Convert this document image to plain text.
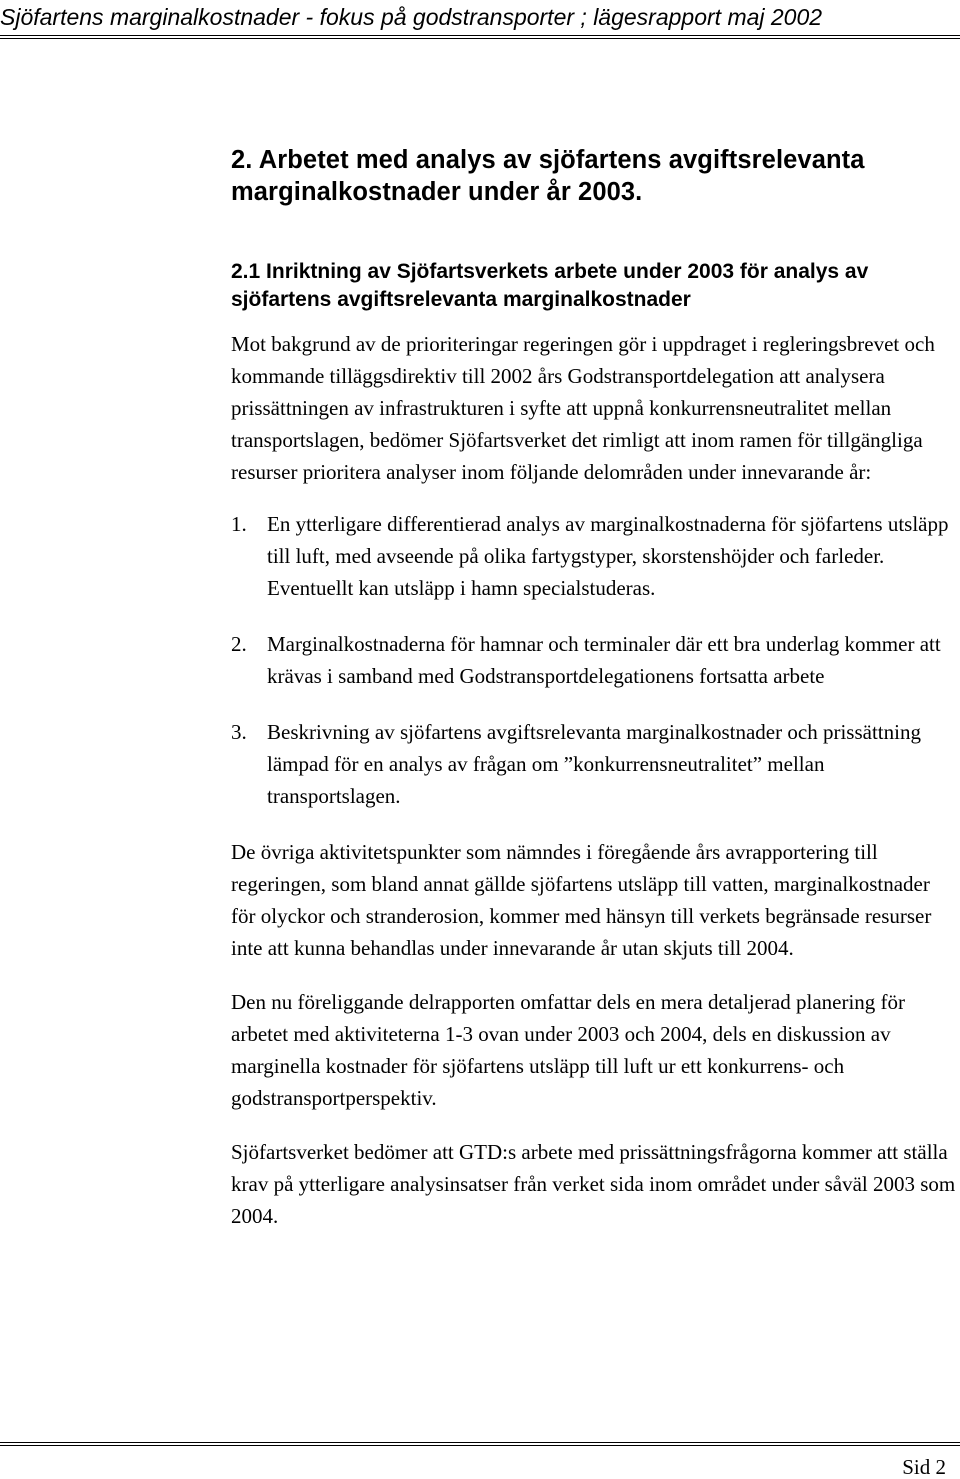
Sjöfartens marginalkostnader - fokus på godstransporter ; lägesrapport maj 2002
2. Arbetet med analys av sjöfartens avgiftsrelevanta marginalkostnader under år 2003.
2.1 Inriktning av Sjöfartsverkets arbete under 2003 för analys av sjöfartens avgiftsrelevanta marginalkostnader

Mot bakgrund av de prioriteringar regeringen gör i uppdraget i regleringsbrevet och kommande tilläggsdirektiv till 2002 års Godstransportdelegation att analysera prissättningen av infrastrukturen i syfte att uppnå konkurrensneutralitet mellan transportslagen, bedömer Sjöfartsverket det rimligt att inom ramen för tillgängliga resurser prioritera analyser inom följande delområden under innevarande år:

1. En ytterligare differentierad analys av marginalkostnaderna för sjöfartens utsläpp till luft, med avseende på olika fartygstyper, skorstenshöjder och farleder. Eventuellt kan utsläpp i hamn specialstuderas.
2. Marginalkostnaderna för hamnar och terminaler där ett bra underlag kommer att krävas i samband med Godstransportdelegationens fortsatta arbete
3. Beskrivning av sjöfartens avgiftsrelevanta marginalkostnader och prissättning lämpad för en analys av frågan om ”konkurrensneutralitet” mellan transportslagen.

De övriga aktivitetspunkter som nämndes i föregående års avrapportering till regeringen, som bland annat gällde sjöfartens utsläpp till vatten, marginalkostnader för olyckor och stranderosion, kommer med hänsyn till verkets begränsade resurser inte att kunna behandlas under innevarande år utan skjuts till 2004.

Den nu föreliggande delrapporten omfattar dels en mera detaljerad planering för arbetet med aktiviteterna 1-3 ovan under 2003 och 2004, dels en diskussion av marginella kostnader för sjöfartens utsläpp till luft ur ett konkurrens- och godstransportperspektiv.

Sjöfartsverket bedömer att GTD:s arbete med prissättningsfrågorna kommer att ställa krav på ytterligare analysinsatser från verket sida inom området under såväl 2003 som 2004.

Sid 2
